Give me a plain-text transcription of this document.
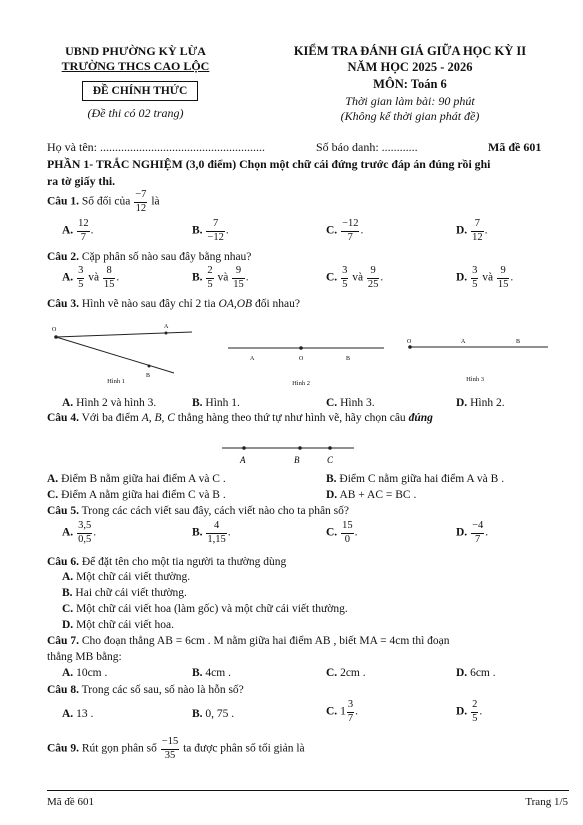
UBND PHƯỜNG KỲ LỪA
TRƯỜNG THCS CAO LỘC
ĐỀ CHÍNH THỨC
(Đề thi có 02 trang)
KIỂM TRA ĐÁNH GIÁ GIỮA HỌC KỲ II
NĂM HỌC 2025 - 2026
MÔN: Toán 6
Thời gian làm bài: 90 phút
(Không kể thời gian phát đề)
Họ và tên: .......................................................	Số báo danh: ............	Mã đề 601
PHẦN 1- TRẮC NGHIỆM (3,0 điểm) Chọn một chữ cái đứng trước đáp án đúng rồi ghi
ra tờ giấy thi.
Câu 1. Số đối của $\frac{-7}{12}$ là
A. $\frac{12}{7}$ .	B. $\frac{7}{-12}$ .	C. $\frac{-12}{7}$ .	D. $\frac{7}{12}$ .
Câu 2. Cặp phân số nào sau đây bằng nhau?
A. $\frac{3}{5}$ và $\frac{8}{15}$ .	B. $\frac{2}{5}$ và $\frac{9}{15}$ .	C. $\frac{3}{5}$ và $\frac{9}{25}$ .	D. $\frac{3}{5}$ và $\frac{9}{15}$ .
Câu 3. Hình vẽ nào sau đây chỉ 2 tia OA,OB đối nhau?
O	A
B
Hình 1
A	O	B
Hình 2
O	A	B
Hình 3
A. Hình 2 và hình 3.	B. Hình 1.	C. Hình 3.	D. Hình 2.
Câu 4. Với ba điểm A, B, C thẳng hàng theo thứ tự như hình vẽ, hãy chọn câu đúng
A	B	C
A. Điểm B nằm giữa hai điểm A và C .	B. Điểm C nằm giữa hai điểm A và B .
C. Điểm A nằm giữa hai điểm C và B .	D. AB + AC = BC .
Câu 5. Trong các cách viết sau đây, cách viết nào cho ta phân số?
A. $\frac{3,5}{0,5}$ .	B. $\frac{4}{1,15}$ .	C. $\frac{15}{0}$ .	D. $\frac{-4}{7}$ .
Câu 6. Để đặt tên cho một tia người ta thường dùng
A. Một chữ cái viết thường.
B. Hai chữ cái viết thường.
C. Một chữ cái viết hoa (làm gốc) và một chữ cái viết thường.
D. Một chữ cái viết hoa.
Câu 7. Cho đoạn thẳng AB = 6cm . M nằm giữa hai điểm AB , biết MA = 4cm thì đoạn
thẳng MB bằng:
A. 10cm .	B. 4cm .	C. 2cm .	D. 6cm .
Câu 8. Trong các số sau, số nào là hỗn số?
A. 13 .	B. 0, 75 .	C. $1 \frac{3}{7}$ .	D. $\frac{2}{5}$ .
Câu 9. Rút gọn phân số $\frac{-15}{35}$ ta được phân số tối giản là
Mã đề 601	Trang 1/5
